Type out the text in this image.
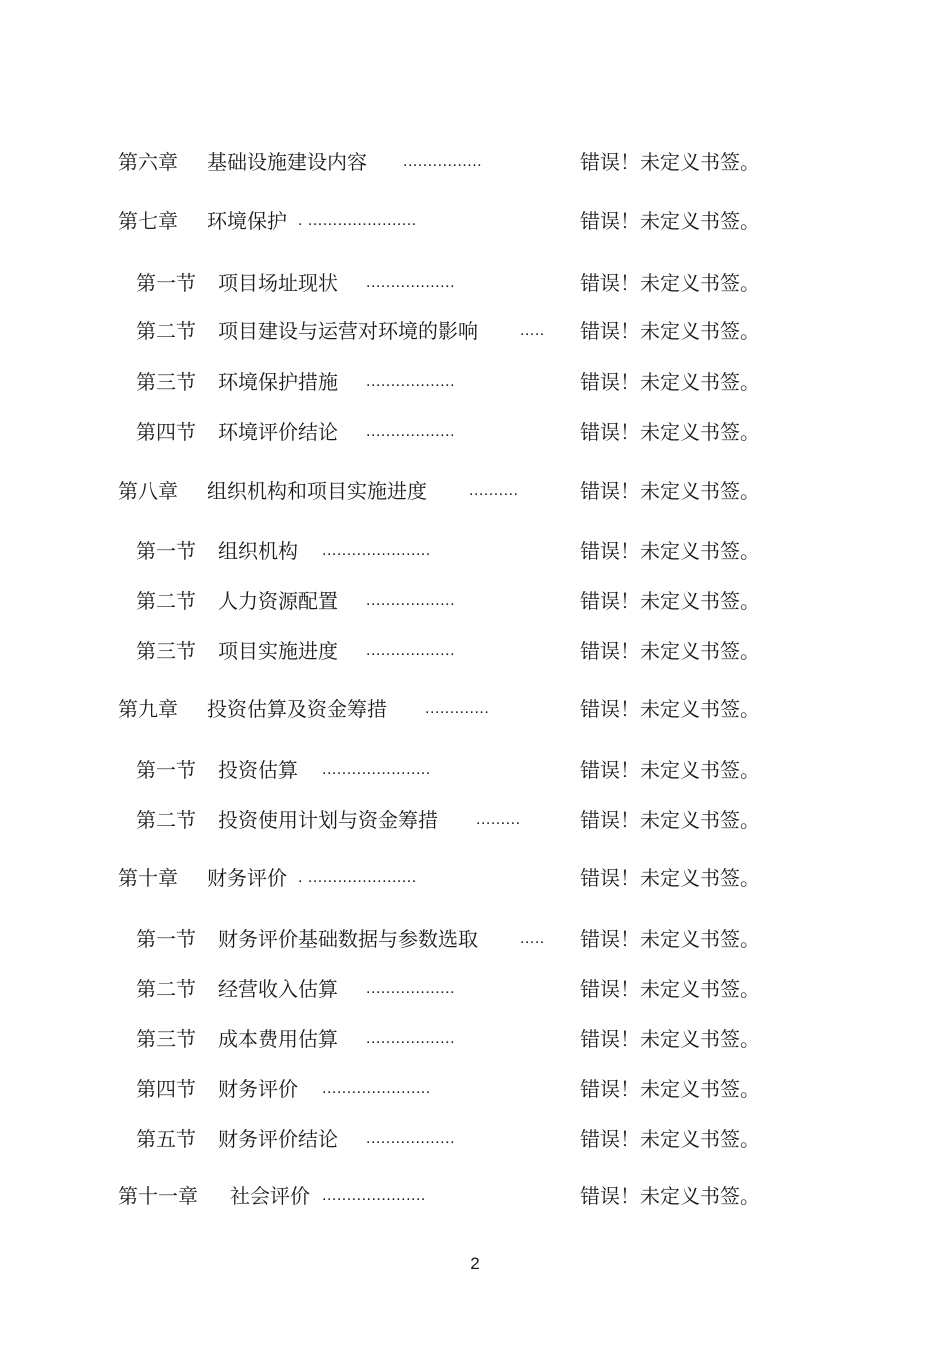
第六章 基础设施建设内容 ................	错误！未定义书签。
第七章 环境保护 . ......................	错误！未定义书签。
第一节 项目场址现状 ..................	错误！未定义书签。
第二节 项目建设与运营对环境的影响	..... 错误！未定义书签。
第三节 环境保护措施 ..................	错误！未定义书签。
第四节 环境评价结论 ..................	错误！未定义书签。
第八章 组织机构和项目实施进度	..........	错误！未定义书签。
第一节 组织机构 ......................	错误！未定义书签。
第二节 人力资源配置 ..................	错误！未定义书签。
第三节 项目实施进度 ..................	错误！未定义书签。
第九章 投资估算及资金筹措 .............	错误！未定义书签。
第一节 投资估算 ......................	错误！未定义书签。
第二节 投资使用计划与资金筹措 .........	错误！未定义书签。
第十章 财务评价 . ......................	错误！未定义书签。
第一节 财务评价基础数据与参数选取	..... 错误！未定义书签。
第二节 经营收入估算 ..................	错误！未定义书签。
第三节 成本费用估算 ..................	错误！未定义书签。
第四节 财务评价 ......................	错误！未定义书签。
第五节 财务评价结论 ..................	错误！未定义书签。
第十一章 社会评价 .....................	错误！未定义书签。
2
